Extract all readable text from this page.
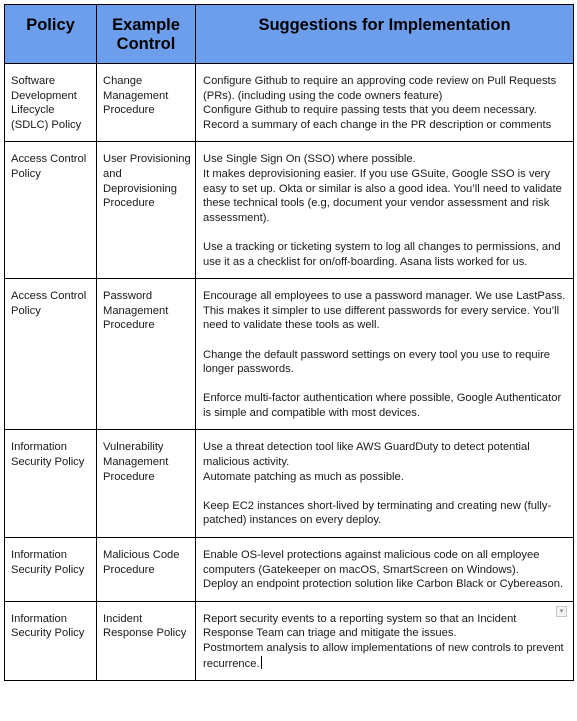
Policy	Example Control	Suggestions for Implementation
Software Development Lifecycle (SDLC) Policy	Change Management Procedure	Configure Github to require an approving code review on Pull Requests (PRs). (including using the code owners feature)

Configure Github to require passing tests that you deem necessary.

Record a summary of each change in the PR description or comments

Access Control Policy	User Provisioning and Deprovisioning Procedure	Use Single Sign On (SSO) where possible.

It makes deprovisioning easier. If you use GSuite, Google SSO is very easy to set up. Okta or similar is also a good idea. You’ll need to validate these technical tools (e.g, document your vendor assessment and risk assessment).

Use a tracking or ticketing system to log all changes to permissions, and use it as a checklist for on/off-boarding. Asana lists worked for us.

Access Control Policy	Password Management Procedure	Encourage all employees to use a password manager. We use LastPass. This makes it simpler to use different passwords for every service. You’ll need to validate these tools as well.

Change the default password settings on every tool you use to require longer passwords.

Enforce multi-factor authentication where possible, Google Authenticator is simple and compatible with most devices.

Information Security Policy	Vulnerability Management Procedure	Use a threat detection tool like AWS GuardDuty to detect potential malicious activity.

Automate patching as much as possible.

Keep EC2 instances short-lived by terminating and creating new (fully-patched) instances on every deploy.

Information Security Policy	Malicious Code Procedure	Enable OS-level protections against malicious code on all employee computers (Gatekeeper on macOS, SmartScreen on Windows).

Deploy an endpoint protection solution like Carbon Black or Cybereason.

Information Security Policy	Incident Response Policy	▾

Report security events to a reporting system so that an Incident Response Team can triage and mitigate the issues.

Postmortem analysis to allow implementations of new controls to prevent recurrence.
